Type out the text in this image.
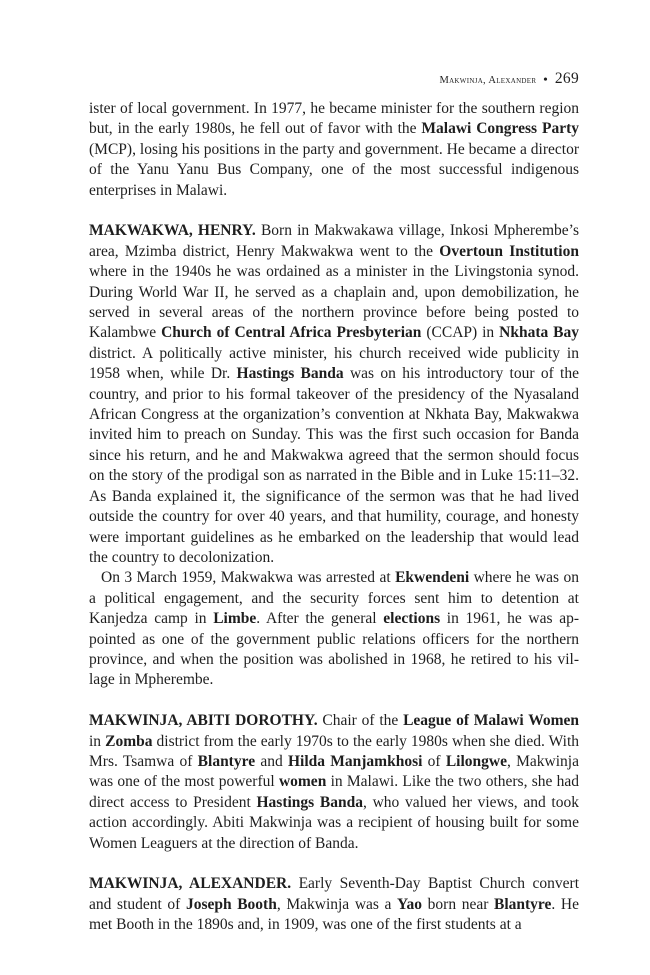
Makwinja, Alexander • 269

ister of local government. In 1977, he became minister for the southern region but, in the early 1980s, he fell out of favor with the Malawi Congress Party (MCP), losing his positions in the party and government. He became a director of the Yanu Yanu Bus Company, one of the most successful indigenous enterprises in Malawi.

MAKWAKWA, HENRY. Born in Makwakawa village, Inkosi Mpherembe’s area, Mzimba district, Henry Makwakwa went to the Overtoun Institution where in the 1940s he was ordained as a minister in the Livingstonia synod. During World War II, he served as a chaplain and, upon demobilization, he served in several areas of the northern province before being posted to Kalambwe Church of Central Africa Presbyterian (CCAP) in Nkhata Bay district. A politically active minister, his church received wide publicity in 1958 when, while Dr. Hastings Banda was on his introductory tour of the country, and prior to his formal takeover of the presidency of the Nyasaland African Congress at the organization’s convention at Nkhata Bay, Makwakwa invited him to preach on Sunday. This was the first such occasion for Banda since his return, and he and Makwakwa agreed that the sermon should focus on the story of the prodigal son as narrated in the Bible and in Luke 15:11–32. As Banda explained it, the significance of the sermon was that he had lived outside the country for over 40 years, and that humility, courage, and honesty were important guidelines as he embarked on the leadership that would lead the country to decolonization.

On 3 March 1959, Makwakwa was arrested at Ekwendeni where he was on a political engagement, and the security forces sent him to detention at Kanjedza camp in Limbe. After the general elections in 1961, he was appointed as one of the government public relations officers for the northern province, and when the position was abolished in 1968, he retired to his village in Mpherembe.

MAKWINJA, ABITI DOROTHY. Chair of the League of Malawi Women in Zomba district from the early 1970s to the early 1980s when she died. With Mrs. Tsamwa of Blantyre and Hilda Manjamkhosi of Lilongwe, Makwinja was one of the most powerful women in Malawi. Like the two others, she had direct access to President Hastings Banda, who valued her views, and took action accordingly. Abiti Makwinja was a recipient of housing built for some Women Leaguers at the direction of Banda.

MAKWINJA, ALEXANDER. Early Seventh-Day Baptist Church convert and student of Joseph Booth, Makwinja was a Yao born near Blantyre. He met Booth in the 1890s and, in 1909, was one of the first students at a
